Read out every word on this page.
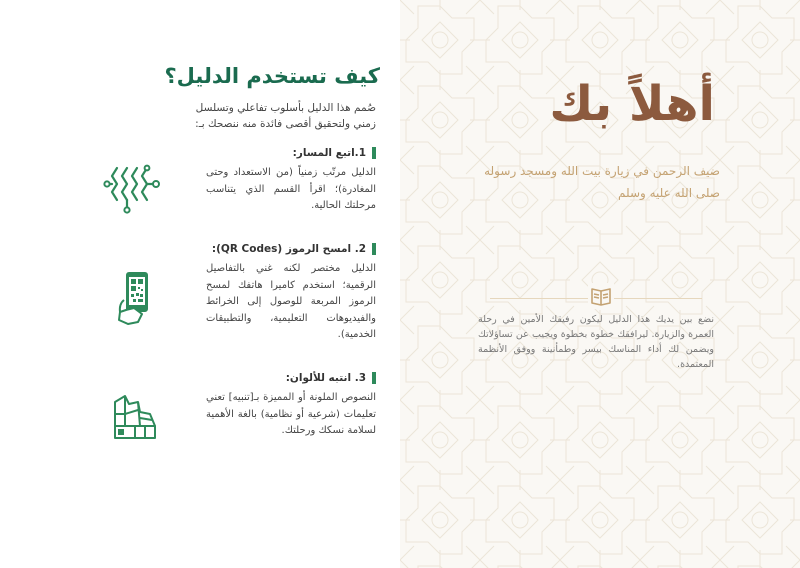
كيف تستخدم الدليل؟

صُمم هذا الدليل بأسلوب تفاعلي وتسلسل زمني ولتحقيق أقصى فائدة منه ننصحك بـ:

1.اتبع المسار:

الدليل مرتّب زمنياً (من الاستعداد وحتى المغادرة)؛ اقرأ القسم الذي يتناسب مرحلتك الحالية.

2. امسح الرموز (QR Codes):

الدليل مختصر لكنه غني بالتفاصيل الرقمية؛ استخدم كاميرا هاتفك لمسح الرموز المربعة للوصول إلى الخرائط والفيديوهات التعليمية، والتطبيقات الخدمية).

3. انتبه للألوان:

النصوص الملونة أو المميزة بـ[تنبيه] تعني تعليمات (شرعية أو نظامية) بالغة الأهمية لسلامة نسكك ورحلتك.

أهلاً بك

ضيف الرحمن في زيارة بيت الله ومسجد رسوله صلى الله عليه وسلم

نضع بين يديك هذا الدليل ليكون رفيقك الأمين في رحلة العمرة والزيارة. ليرافقك خطوة بخطوة ويجيب عن تساؤلاتك ويضمن لك أداء المناسك بيسر وطمأنينة ووفق الأنظمة المعتمدة.
